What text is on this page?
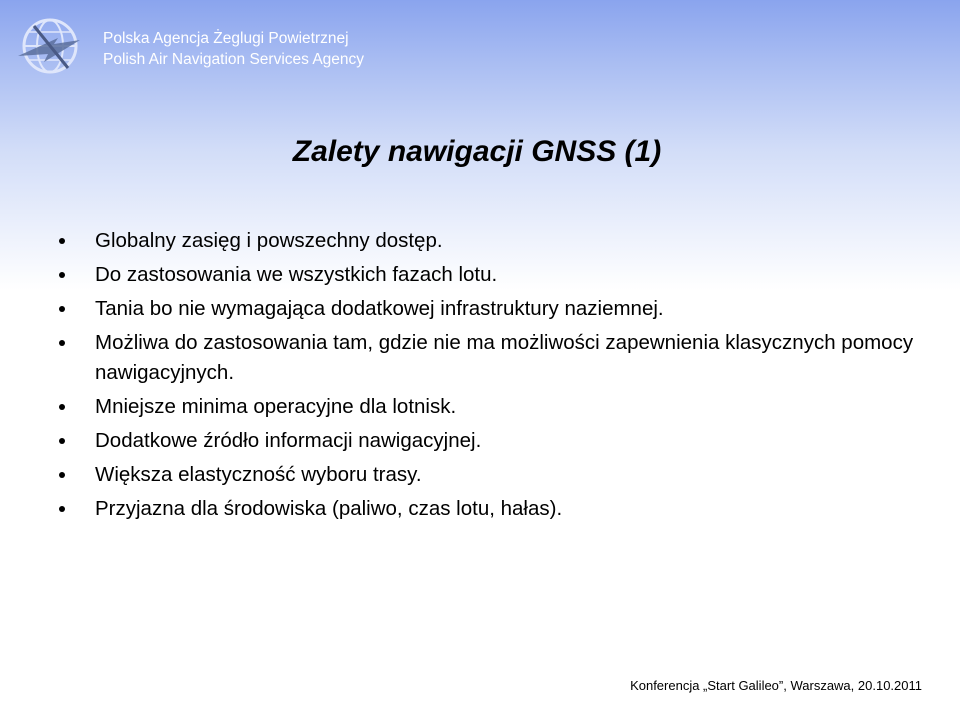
Polska Agencja Żeglugi Powietrznej
Polish Air Navigation Services Agency
Zalety nawigacji GNSS (1)
Globalny zasięg i powszechny dostęp.
Do zastosowania we wszystkich fazach lotu.
Tania bo nie wymagająca dodatkowej infrastruktury naziemnej.
Możliwa do zastosowania tam, gdzie nie ma możliwości zapewnienia klasycznych pomocy nawigacyjnych.
Mniejsze minima operacyjne dla lotnisk.
Dodatkowe źródło informacji nawigacyjnej.
Większa elastyczność wyboru trasy.
Przyjazna dla środowiska (paliwo, czas lotu, hałas).
Konferencja „Start Galileo”, Warszawa, 20.10.2011
